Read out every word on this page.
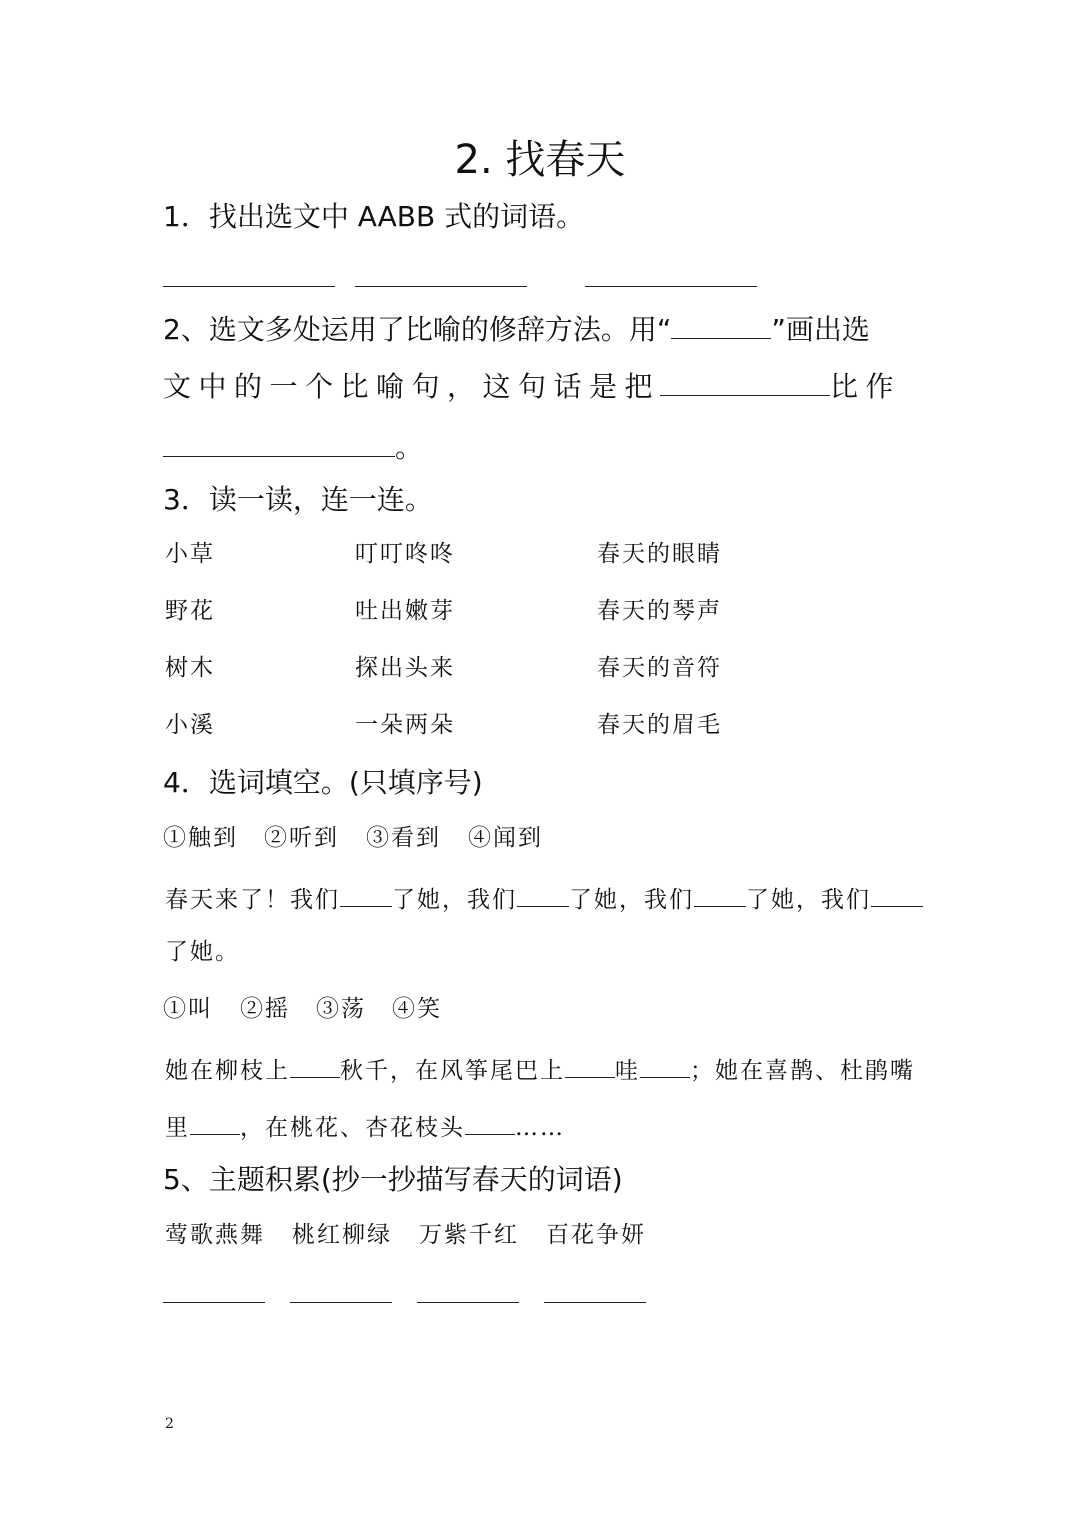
2. 找春天
1．找出选文中 AABB 式的词语。
2、选文多处运用了比喻的修辞方法。用“	”画出选
文中的一个比喻句，这句话是把	比作
。
3．读一读，连一连。
小草	叮叮咚咚	春天的眼睛
野花	吐出嫩芽	春天的琴声
树木	探出头来	春天的音符
小溪	一朵两朵	春天的眉毛
4．选词填空。(只填序号)
①触到 ②听到 ③看到 ④闻到
春天来了！我们 了她，我们 了她，我们 了她，我们
了她。
①叫 ②摇 ③荡 ④笑
她在柳枝上 秋千，在风筝尾巴上 哇 ；她在喜鹊、杜鹃嘴
里 ，在桃花、杏花枝头 ……
5、主题积累(抄一抄描写春天的词语)
莺歌燕舞 桃红柳绿 万紫千红 百花争妍
2
